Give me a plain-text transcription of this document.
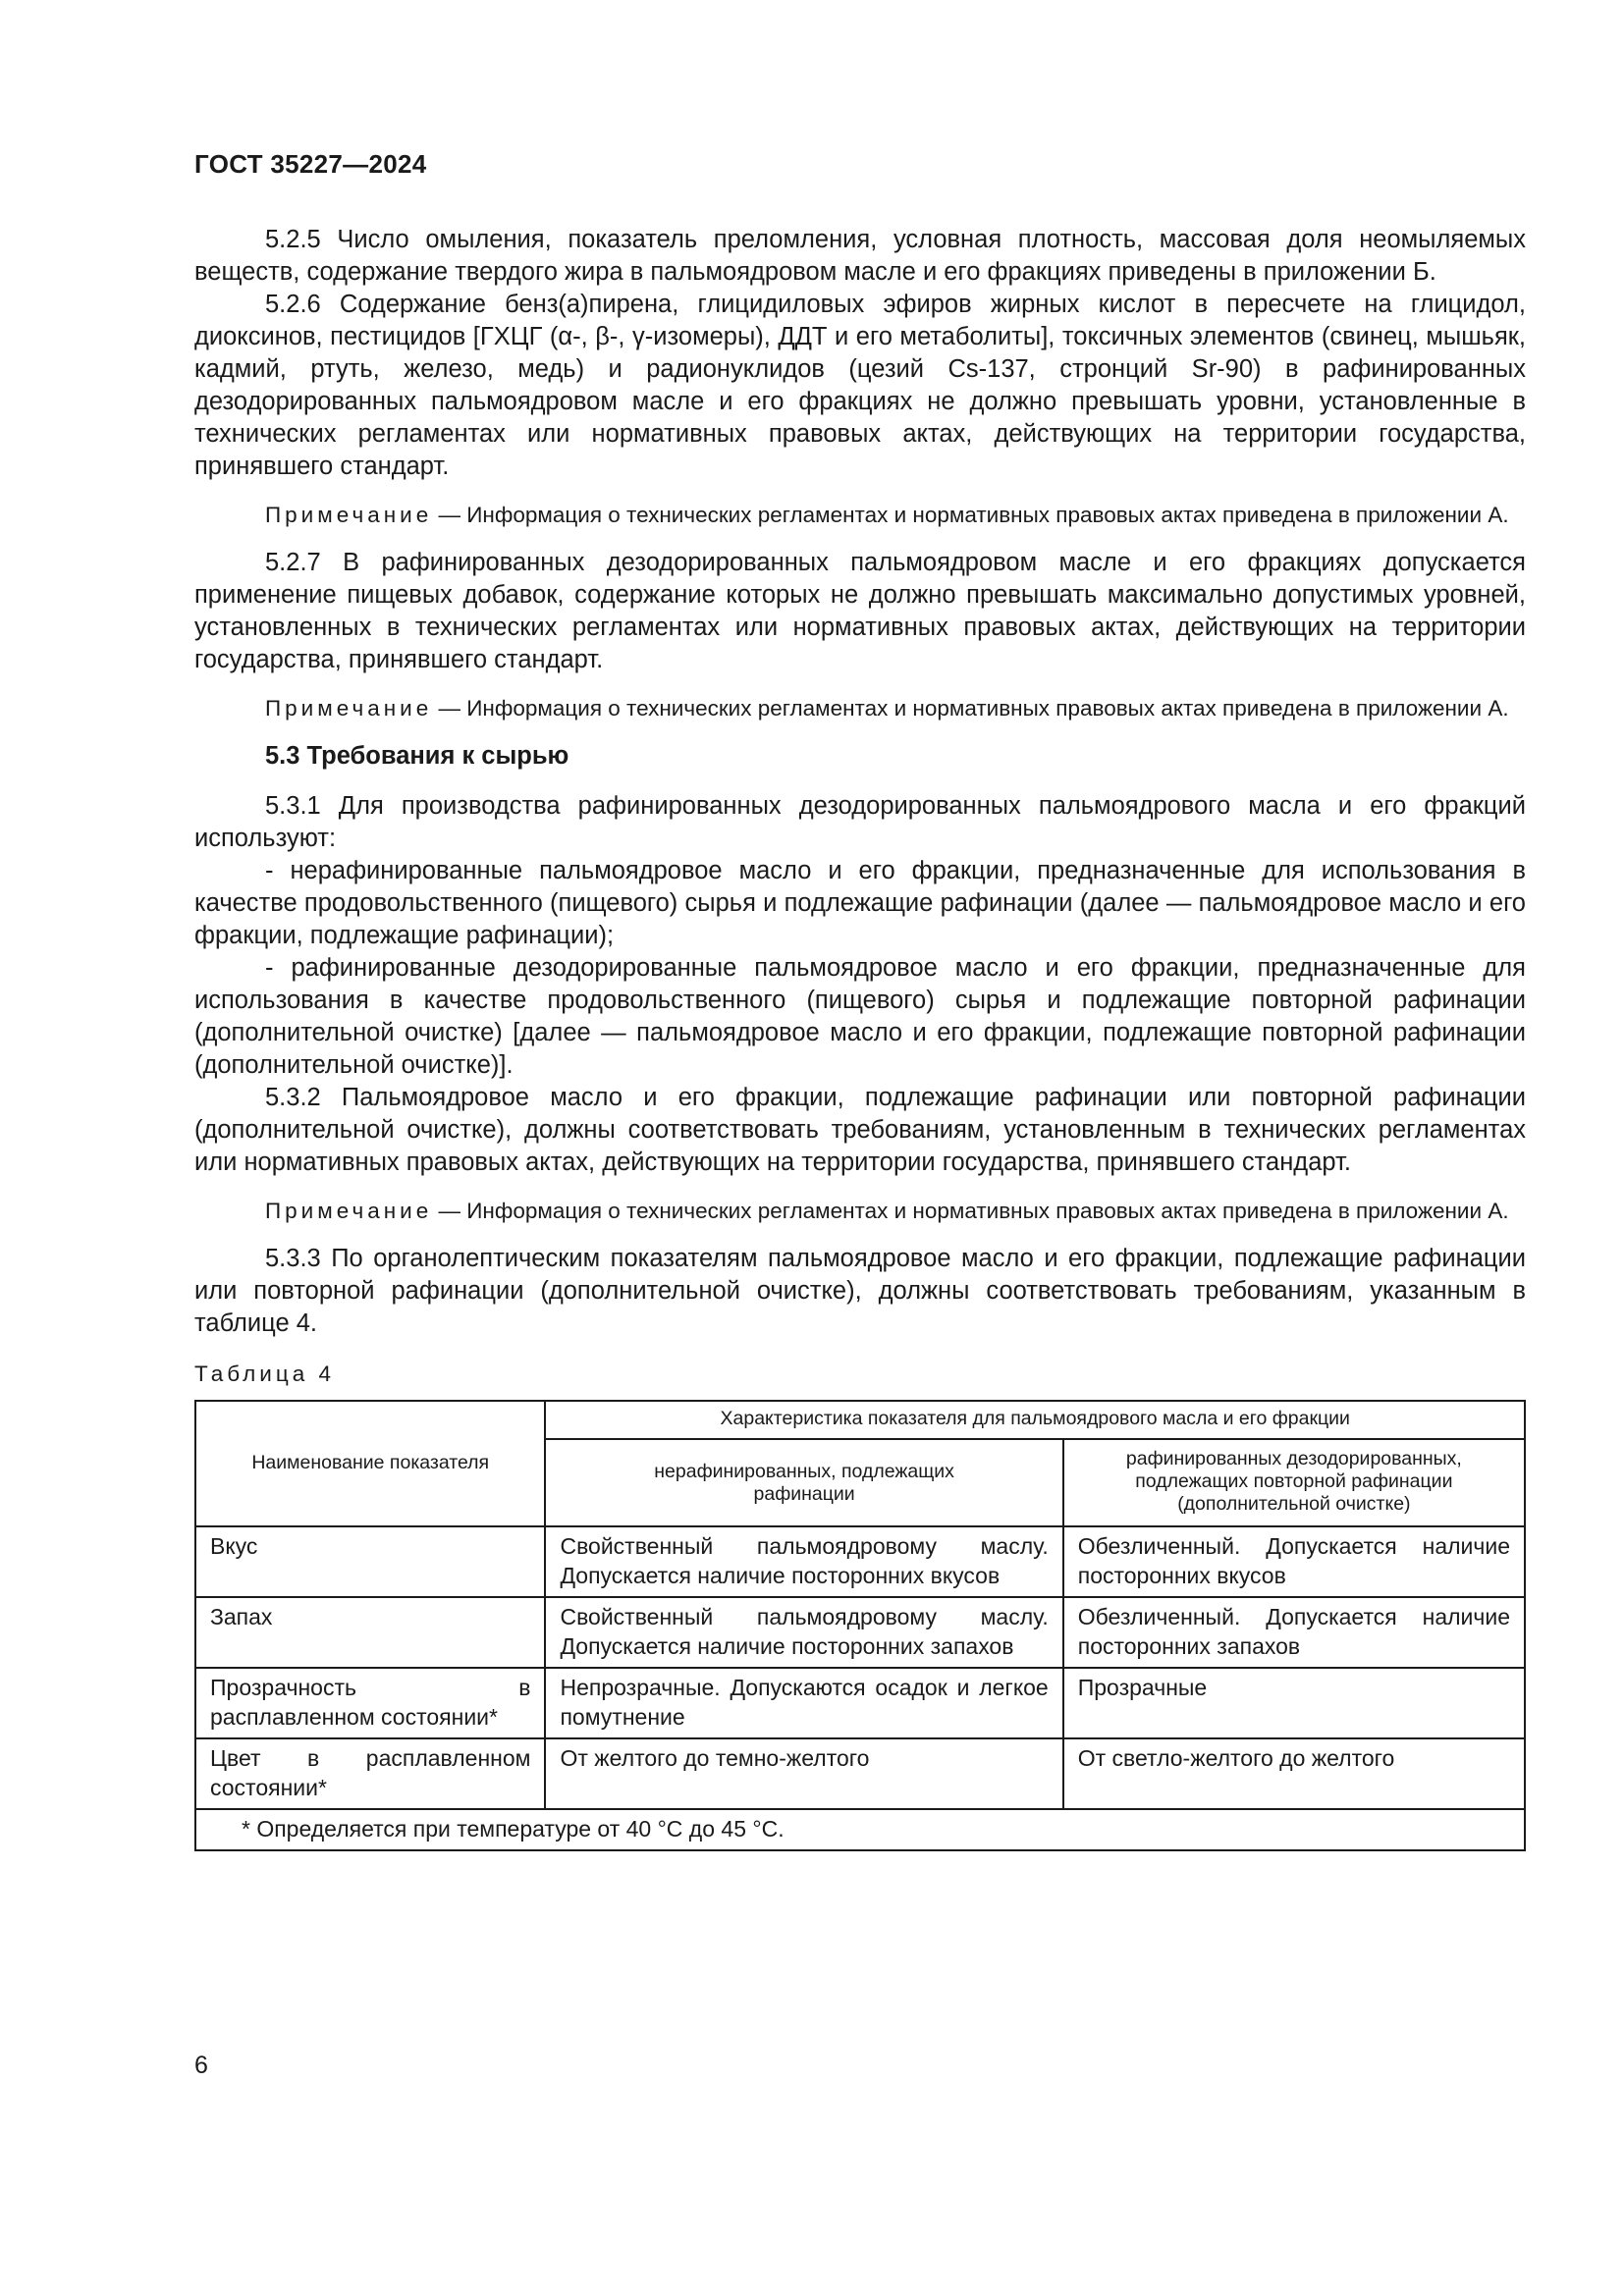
ГОСТ 35227—2024

5.2.5 Число омыления, показатель преломления, условная плотность, массовая доля неомыляемых веществ, содержание твердого жира в пальмоядровом масле и его фракциях приведены в приложении Б.

5.2.6 Содержание бенз(а)пирена, глицидиловых эфиров жирных кислот в пересчете на глицидол, диоксинов, пестицидов [ГХЦГ (α-, β-, γ-изомеры), ДДТ и его метаболиты], токсичных элементов (свинец, мышьяк, кадмий, ртуть, железо, медь) и радионуклидов (цезий Cs-137, стронций Sr-90) в рафинированных дезодорированных пальмоядровом масле и его фракциях не должно превышать уровни, установленные в технических регламентах или нормативных правовых актах, действующих на территории государства, принявшего стандарт.

Примечание — Информация о технических регламентах и нормативных правовых актах приведена в приложении А.

5.2.7 В рафинированных дезодорированных пальмоядровом масле и его фракциях допускается применение пищевых добавок, содержание которых не должно превышать максимально допустимых уровней, установленных в технических регламентах или нормативных правовых актах, действующих на территории государства, принявшего стандарт.

Примечание — Информация о технических регламентах и нормативных правовых актах приведена в приложении А.

5.3 Требования к сырью

5.3.1 Для производства рафинированных дезодорированных пальмоядрового масла и его фракций используют:

- нерафинированные пальмоядровое масло и его фракции, предназначенные для использования в качестве продовольственного (пищевого) сырья и подлежащие рафинации (далее — пальмоядровое масло и его фракции, подлежащие рафинации);

- рафинированные дезодорированные пальмоядровое масло и его фракции, предназначенные для использования в качестве продовольственного (пищевого) сырья и подлежащие повторной рафинации (дополнительной очистке) [далее — пальмоядровое масло и его фракции, подлежащие повторной рафинации (дополнительной очистке)].

5.3.2 Пальмоядровое масло и его фракции, подлежащие рафинации или повторной рафинации (дополнительной очистке), должны соответствовать требованиям, установленным в технических регламентах или нормативных правовых актах, действующих на территории государства, принявшего стандарт.

Примечание — Информация о технических регламентах и нормативных правовых актах приведена в приложении А.

5.3.3 По органолептическим показателям пальмоядровое масло и его фракции, подлежащие рафинации или повторной рафинации (дополнительной очистке), должны соответствовать требованиям, указанным в таблице 4.

Таблица 4

Наименование показателя	Характеристика показателя для пальмоядрового масла и его фракции	
	нерафинированных, подлежащих рафинации	рафинированных дезодорированных, подлежащих повторной рафинации (дополнительной очистке)
Вкус	Свойственный пальмоядровому маслу. Допускается наличие посторонних вкусов	Обезличенный. Допускается наличие посторонних вкусов
Запах	Свойственный пальмоядровому маслу. Допускается наличие посторонних запахов	Обезличенный. Допускается наличие посторонних запахов
Прозрачность в расплавленном состоянии*	Непрозрачные. Допускаются осадок и легкое помутнение	Прозрачные
Цвет в расплавленном состоянии*	От желтого до темно-желтого	От светло-желтого до желтого
* Определяется при температуре от 40 °С до 45 °С.		
6
